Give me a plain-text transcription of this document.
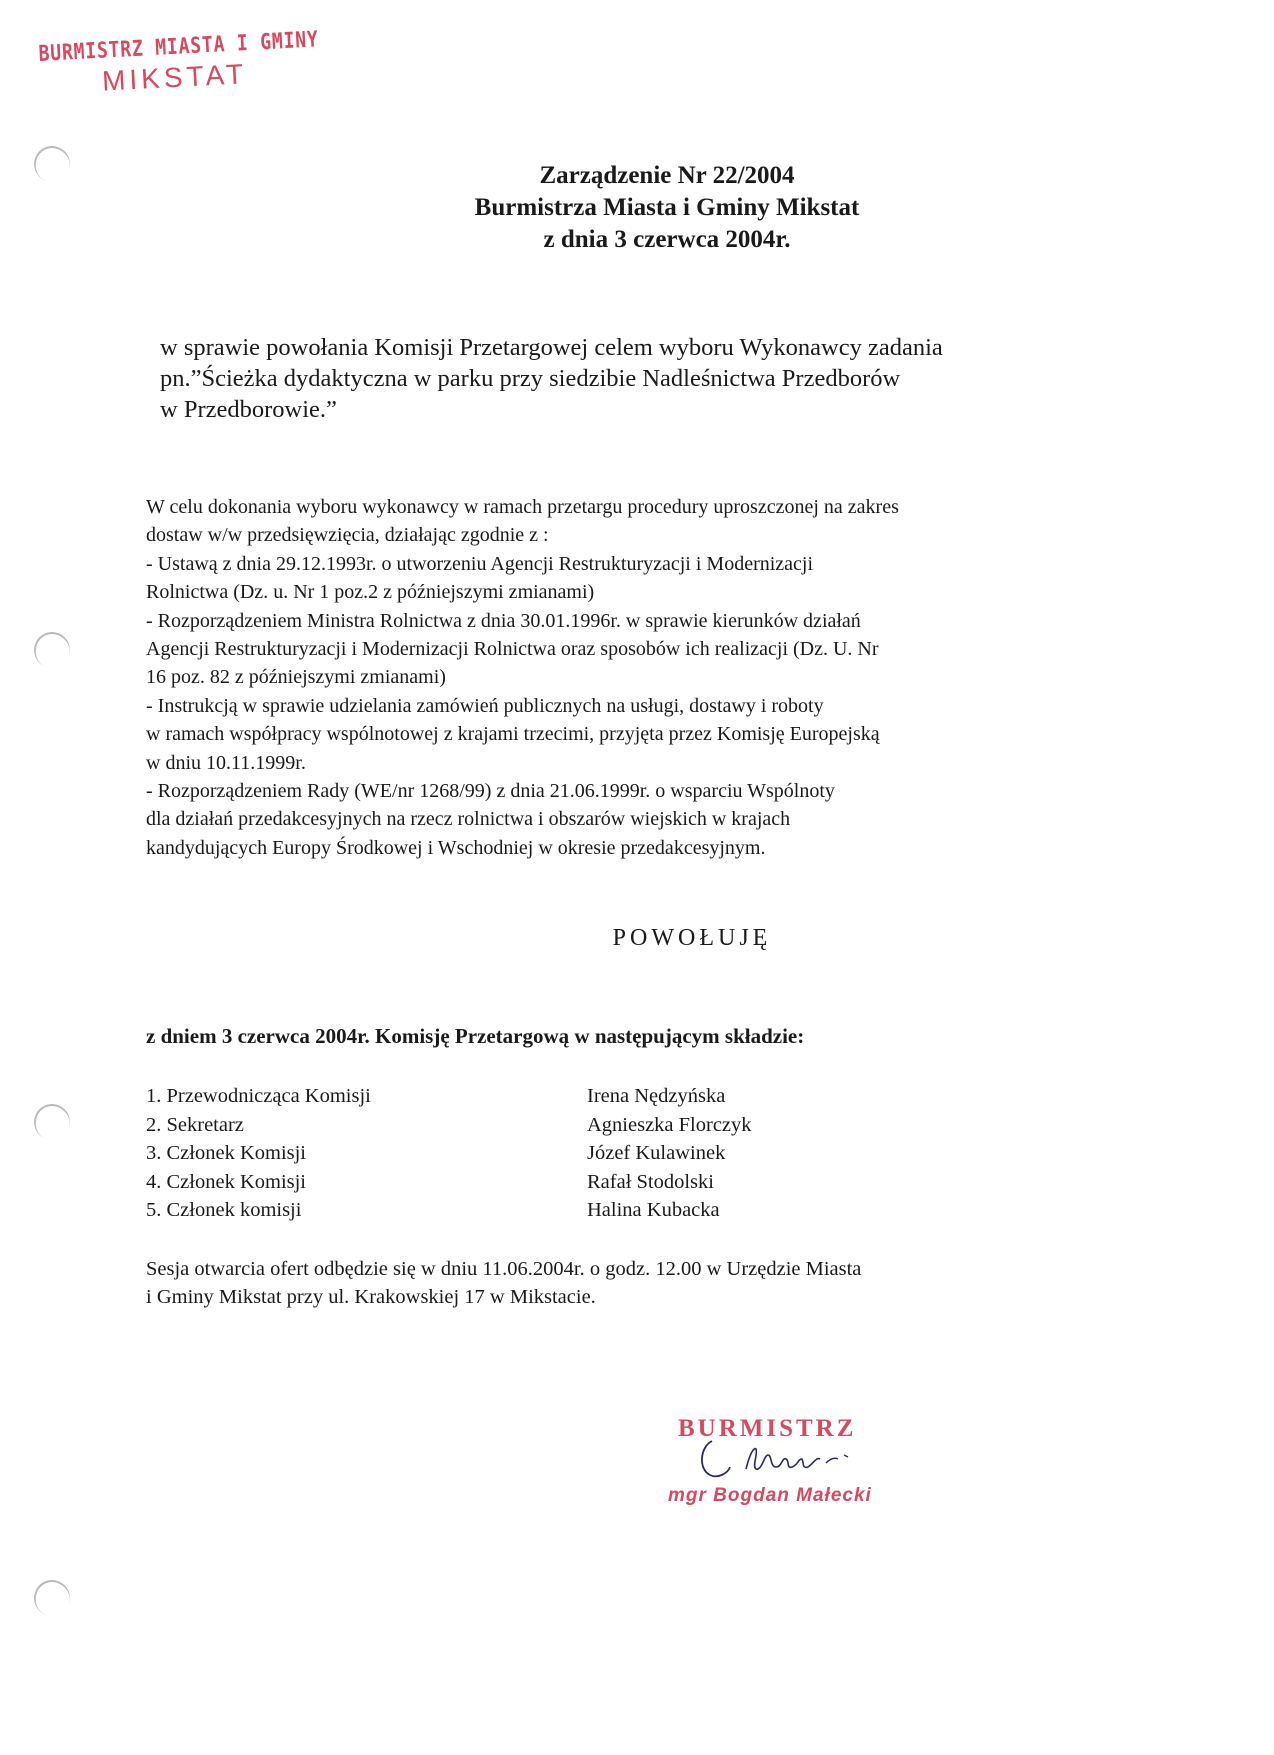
BURMISTRZ MIASTA I GMINY
MIKSTAT
Zarządzenie Nr 22/2004
Burmistrza Miasta i Gminy Mikstat
z dnia 3 czerwca 2004r.

w sprawie powołania Komisji Przetargowej celem wyboru Wykonawcy zadania

pn.”Ścieżka dydaktyczna w parku przy siedzibie Nadleśnictwa Przedborów

w Przedborowie.”

W celu dokonania wyboru wykonawcy w ramach przetargu procedury uproszczonej na zakres

dostaw w/w przedsięwzięcia, działając zgodnie z :

- Ustawą z dnia 29.12.1993r. o utworzeniu Agencji Restrukturyzacji i Modernizacji

Rolnictwa (Dz. u. Nr 1 poz.2 z późniejszymi zmianami)

- Rozporządzeniem Ministra Rolnictwa z dnia 30.01.1996r. w sprawie kierunków działań

Agencji Restrukturyzacji i Modernizacji Rolnictwa oraz sposobów ich realizacji (Dz. U. Nr

16 poz. 82 z późniejszymi zmianami)

- Instrukcją w sprawie udzielania zamówień publicznych na usługi, dostawy i roboty

w ramach współpracy wspólnotowej z krajami trzecimi, przyjęta przez Komisję Europejską

w dniu 10.11.1999r.

- Rozporządzeniem Rady (WE/nr 1268/99) z dnia 21.06.1999r. o wsparciu Wspólnoty

dla działań przedakcesyjnych na rzecz rolnictwa i obszarów wiejskich w krajach

kandydujących Europy Środkowej i Wschodniej w okresie przedakcesyjnym.

POWOŁUJĘ
z dniem 3 czerwca 2004r. Komisję Przetargową w następującym składzie:
1. Przewodnicząca Komisji	Irena Nędzyńska
2. Sekretarz	Agnieszka Florczyk
3. Członek Komisji	Józef Kulawinek
4. Członek Komisji	Rafał Stodolski
5. Członek komisji	Halina Kubacka

Sesja otwarcia ofert odbędzie się w dniu 11.06.2004r. o godz. 12.00 w Urzędzie Miasta

i Gminy Mikstat przy ul. Krakowskiej 17 w Mikstacie.

BURMISTRZ
mgr Bogdan Małecki
